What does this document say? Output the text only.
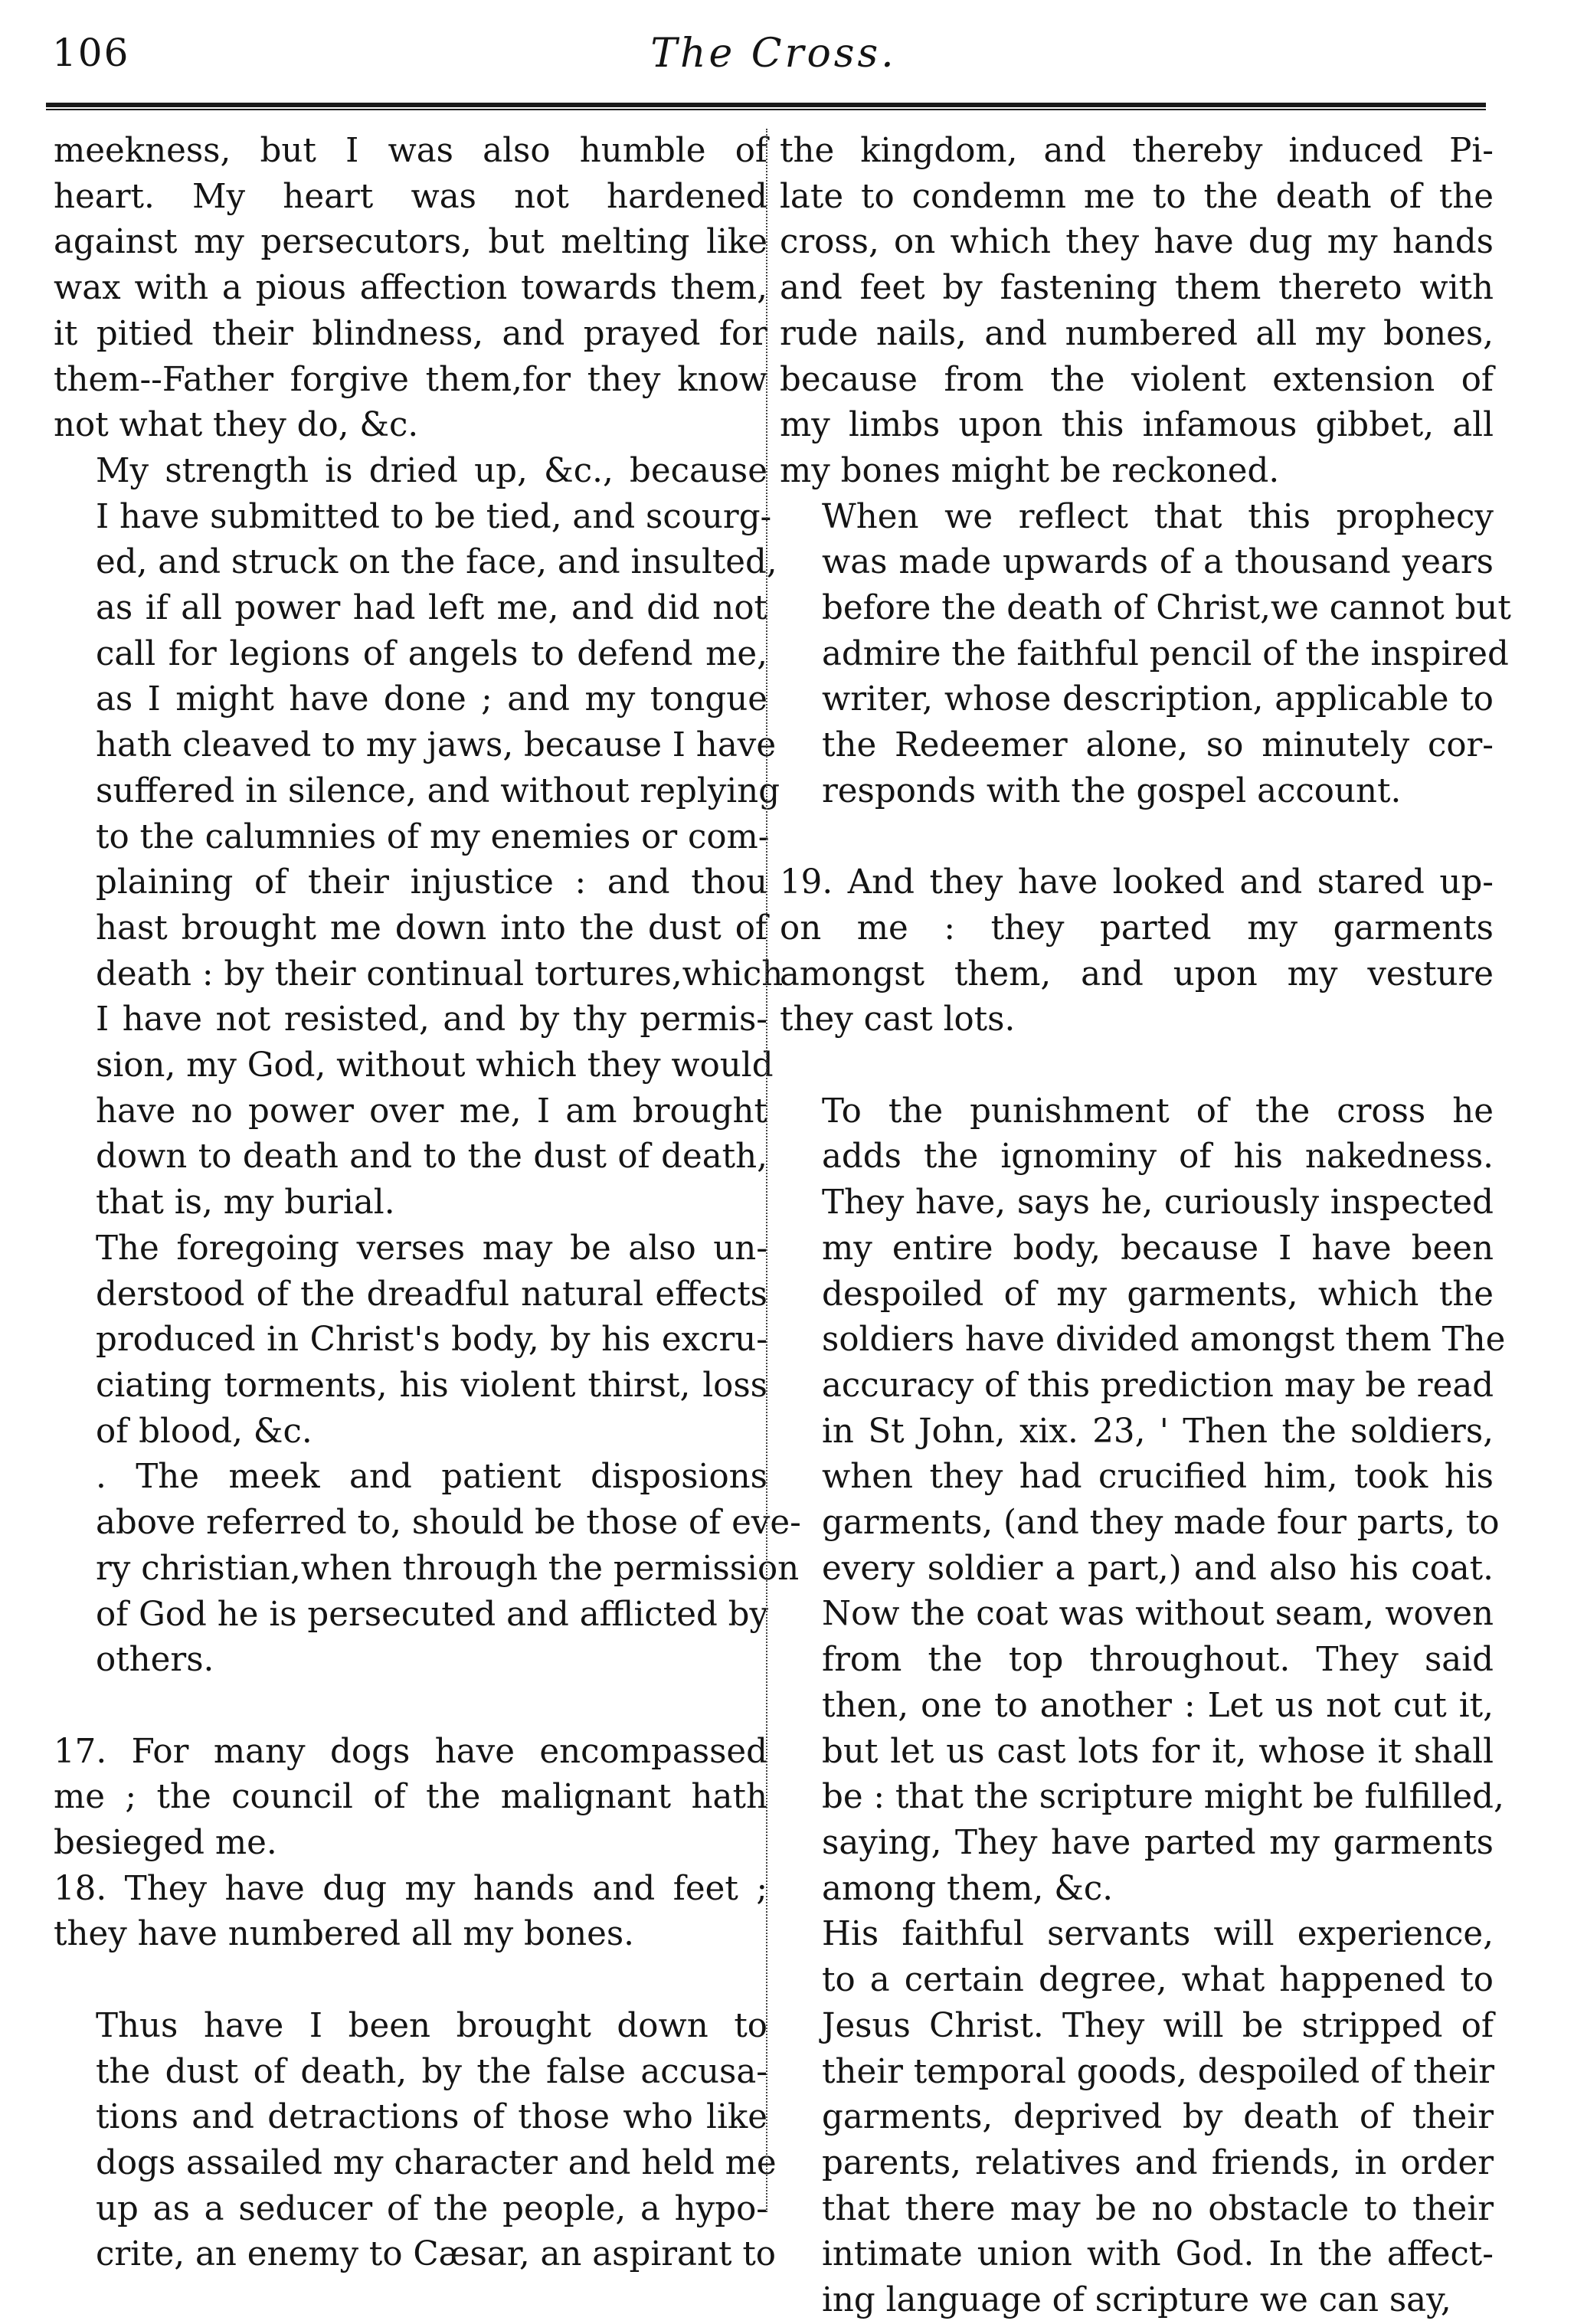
106	The Cross.

meekness, but I was also humble of
heart. My heart was not hardened
against my persecutors, but melting like
wax with a pious affection towards them,
it pitied their blindness, and prayed for
them--Father forgive them,for they know
not what they do, &c.

My strength is dried up, &c., because
I have submitted to be tied, and scourg-
ed, and struck on the face, and insulted,
as if all power had left me, and did not
call for legions of angels to defend me,
as I might have done ; and my tongue
hath cleaved to my jaws, because I have
suffered in silence, and without replying
to the calumnies of my enemies or com-
plaining of their injustice : and thou
hast brought me down into the dust of
death : by their continual tortures,which
I have not resisted, and by thy permis-
sion, my God, without which they would
have no power over me, I am brought
down to death and to the dust of death,
that is, my burial.

The foregoing verses may be also un-
derstood of the dreadful natural effects
produced in Christ's body, by his excru-
ciating torments, his violent thirst, loss
of blood, &c.

. The meek and patient disposions
above referred to, should be those of eve-
ry christian,when through the permission
of God he is persecuted and afflicted by
others.

17. For many dogs have encompassed
me ; the council of the malignant hath
besieged me.

18. They have dug my hands and feet ;
they have numbered all my bones.

Thus have I been brought down to
the dust of death, by the false accusa-
tions and detractions of those who like
dogs assailed my character and held me
up as a seducer of the people, a hypo-
crite, an enemy to Cæsar, an aspirant to

the kingdom, and thereby induced Pi-
late to condemn me to the death of the
cross, on which they have dug my hands
and feet by fastening them thereto with
rude nails, and numbered all my bones,
because from the violent extension of
my limbs upon this infamous gibbet, all
my bones might be reckoned.

When we reflect that this prophecy
was made upwards of a thousand years
before the death of Christ,we cannot but
admire the faithful pencil of the inspired
writer, whose description, applicable to
the Redeemer alone, so minutely cor-
responds with the gospel account.

19. And they have looked and stared up-
on me : they parted my garments
amongst them, and upon my vesture
they cast lots.

To the punishment of the cross he
adds the ignominy of his nakedness.
They have, says he, curiously inspected
my entire body, because I have been
despoiled of my garments, which the
soldiers have divided amongst them The
accuracy of this prediction may be read
in St John, xix. 23, ' Then the soldiers,
when they had crucified him, took his
garments, (and they made four parts, to
every soldier a part,) and also his coat.
Now the coat was without seam, woven
from the top throughout. They said
then, one to another : Let us not cut it,
but let us cast lots for it, whose it shall
be : that the scripture might be fulfilled,
saying, They have parted my garments
among them, &c.

His faithful servants will experience,
to a certain degree, what happened to
Jesus Christ. They will be stripped of
their temporal goods, despoiled of their
garments, deprived by death of their
parents, relatives and friends, in order
that there may be no obstacle to their
intimate union with God. In the affect-
ing language of scripture we can say,
